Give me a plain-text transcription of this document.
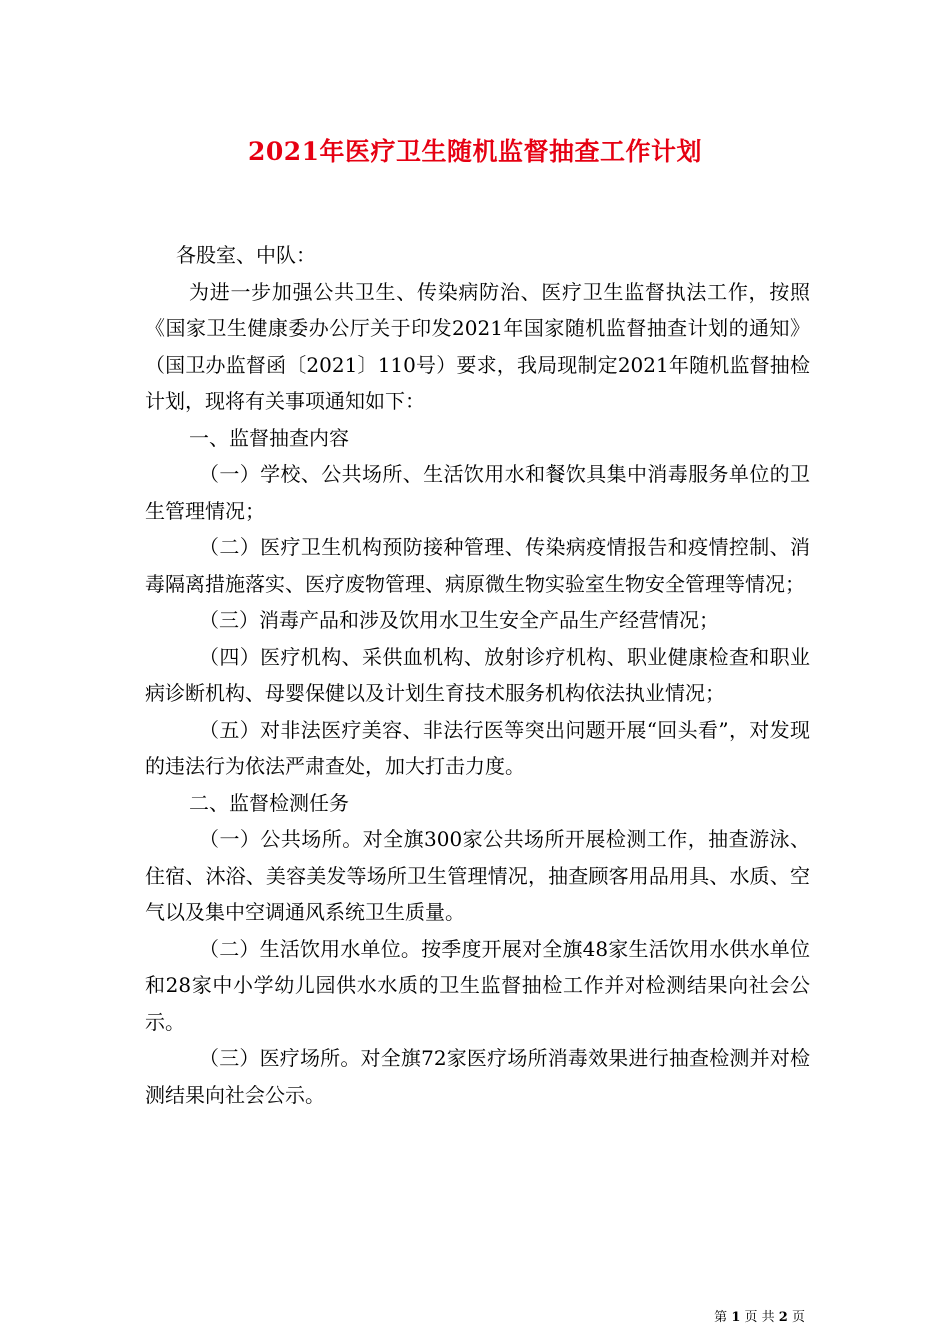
2021年医疗卫生随机监督抽查工作计划

各股室、中队：

为进一步加强公共卫生、传染病防治、医疗卫生监督执法工作，按照《国家卫生健康委办公厅关于印发2021年国家随机监督抽查计划的通知》（国卫办监督函〔2021〕110号）要求，我局现制定2021年随机监督抽检计划，现将有关事项通知如下：

一、监督抽查内容

（一）学校、公共场所、生活饮用水和餐饮具集中消毒服务单位的卫生管理情况；

（二）医疗卫生机构预防接种管理、传染病疫情报告和疫情控制、消毒隔离措施落实、医疗废物管理、病原微生物实验室生物安全管理等情况；

（三）消毒产品和涉及饮用水卫生安全产品生产经营情况；

（四）医疗机构、采供血机构、放射诊疗机构、职业健康检查和职业病诊断机构、母婴保健以及计划生育技术服务机构依法执业情况；

（五）对非法医疗美容、非法行医等突出问题开展“回头看”，对发现的违法行为依法严肃查处，加大打击力度。

二、监督检测任务

（一）公共场所。对全旗300家公共场所开展检测工作，抽查游泳、住宿、沐浴、美容美发等场所卫生管理情况，抽查顾客用品用具、水质、空气以及集中空调通风系统卫生质量。

（二）生活饮用水单位。按季度开展对全旗48家生活饮用水供水单位和28家中小学幼儿园供水水质的卫生监督抽检工作并对检测结果向社会公示。

（三）医疗场所。对全旗72家医疗场所消毒效果进行抽查检测并对检测结果向社会公示。

第 1 页 共 2 页
